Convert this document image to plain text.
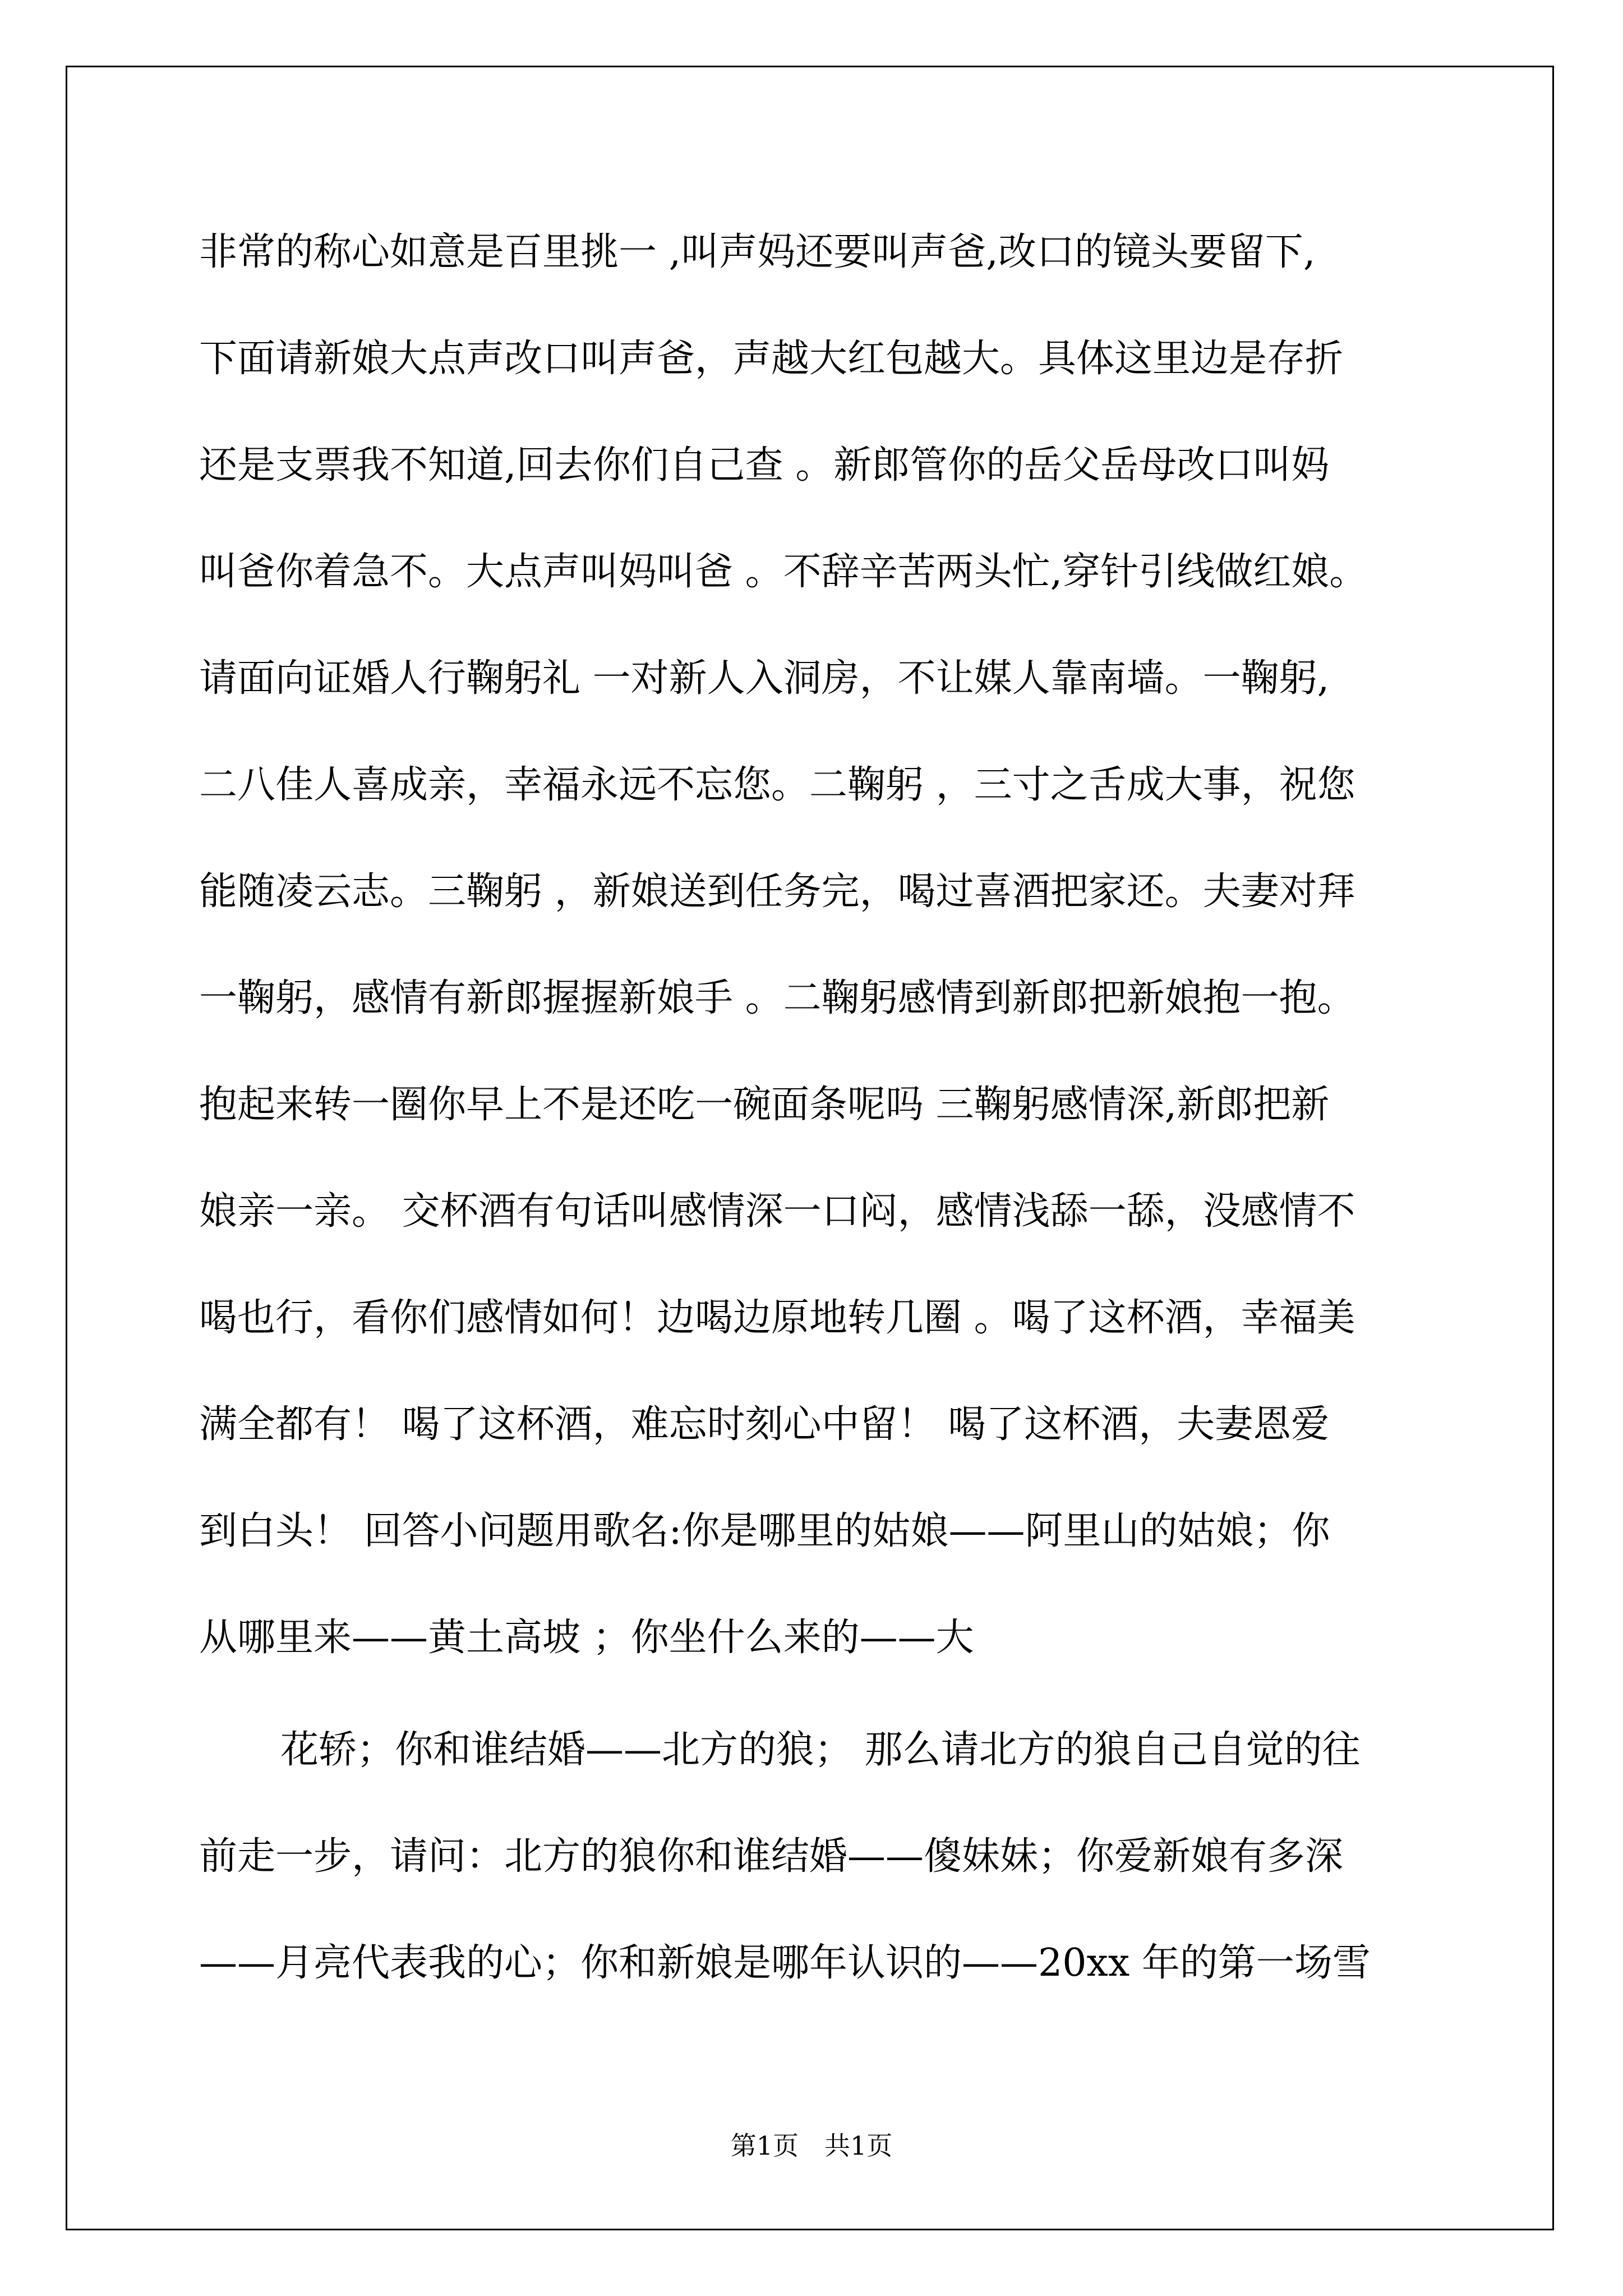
非常的称心如意是百里挑一 ,叫声妈还要叫声爸,改口的镜头要留下,
下面请新娘大点声改口叫声爸，声越大红包越大。具体这里边是存折
还是支票我不知道,回去你们自己查 。新郎管你的岳父岳母改口叫妈
叫爸你着急不。大点声叫妈叫爸 。不辞辛苦两头忙,穿针引线做红娘。
请面向证婚人行鞠躬礼 一对新人入洞房，不让媒人靠南墙。一鞠躬,
二八佳人喜成亲，幸福永远不忘您。二鞠躬 ，三寸之舌成大事，祝您
能随凌云志。三鞠躬 ，新娘送到任务完，喝过喜酒把家还。夫妻对拜
一鞠躬，感情有新郎握握新娘手 。二鞠躬感情到新郎把新娘抱一抱。
抱起来转一圈你早上不是还吃一碗面条呢吗 三鞠躬感情深,新郎把新
娘亲一亲。 交杯酒有句话叫感情深一口闷，感情浅舔一舔，没感情不
喝也行，看你们感情如何！边喝边原地转几圈 。喝了这杯酒，幸福美
满全都有！ 喝了这杯酒，难忘时刻心中留！ 喝了这杯酒，夫妻恩爱
到白头！ 回答小问题用歌名:你是哪里的姑娘——阿里山的姑娘；你
从哪里来——黄土高坡 ；你坐什么来的——大
花轿；你和谁结婚——北方的狼； 那么请北方的狼自己自觉的往
前走一步，请问：北方的狼你和谁结婚——傻妹妹；你爱新娘有多深
——月亮代表我的心；你和新娘是哪年认识的——20xx 年的第一场雪
第1页　共1页
